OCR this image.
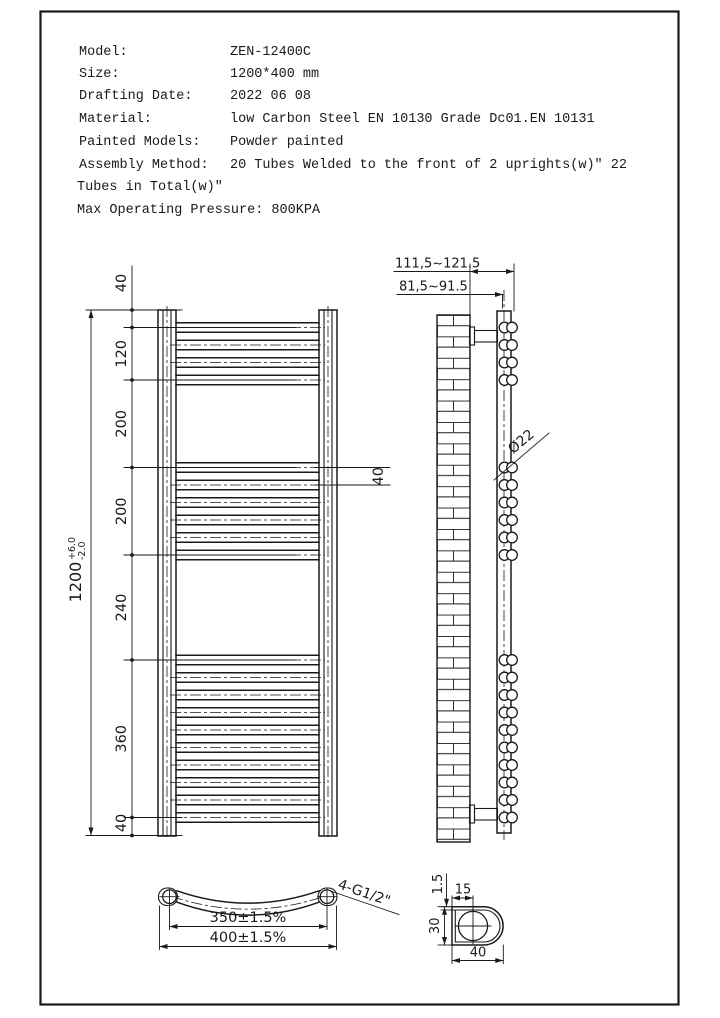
Model:	ZEN-12400C
Size:	1200*400 mm
Drafting Date:	2022 06 08
Material:	low Carbon Steel EN 10130 Grade Dc01.EN 10131
Painted Models: Powder painted
Assembly Method: 20 Tubes Welded to the front of 2 uprights(w)" 22
Tubes in Total(w)"
Max Operating Pressure: 800KPA
40
120
200
200
240
360
40
1200
+6.0 -2.0
40
Ø22
111,5~121.5
81,5~91.5
4-G1/2"
350±1.5%
400±1.5%
1.5 15
30
40
